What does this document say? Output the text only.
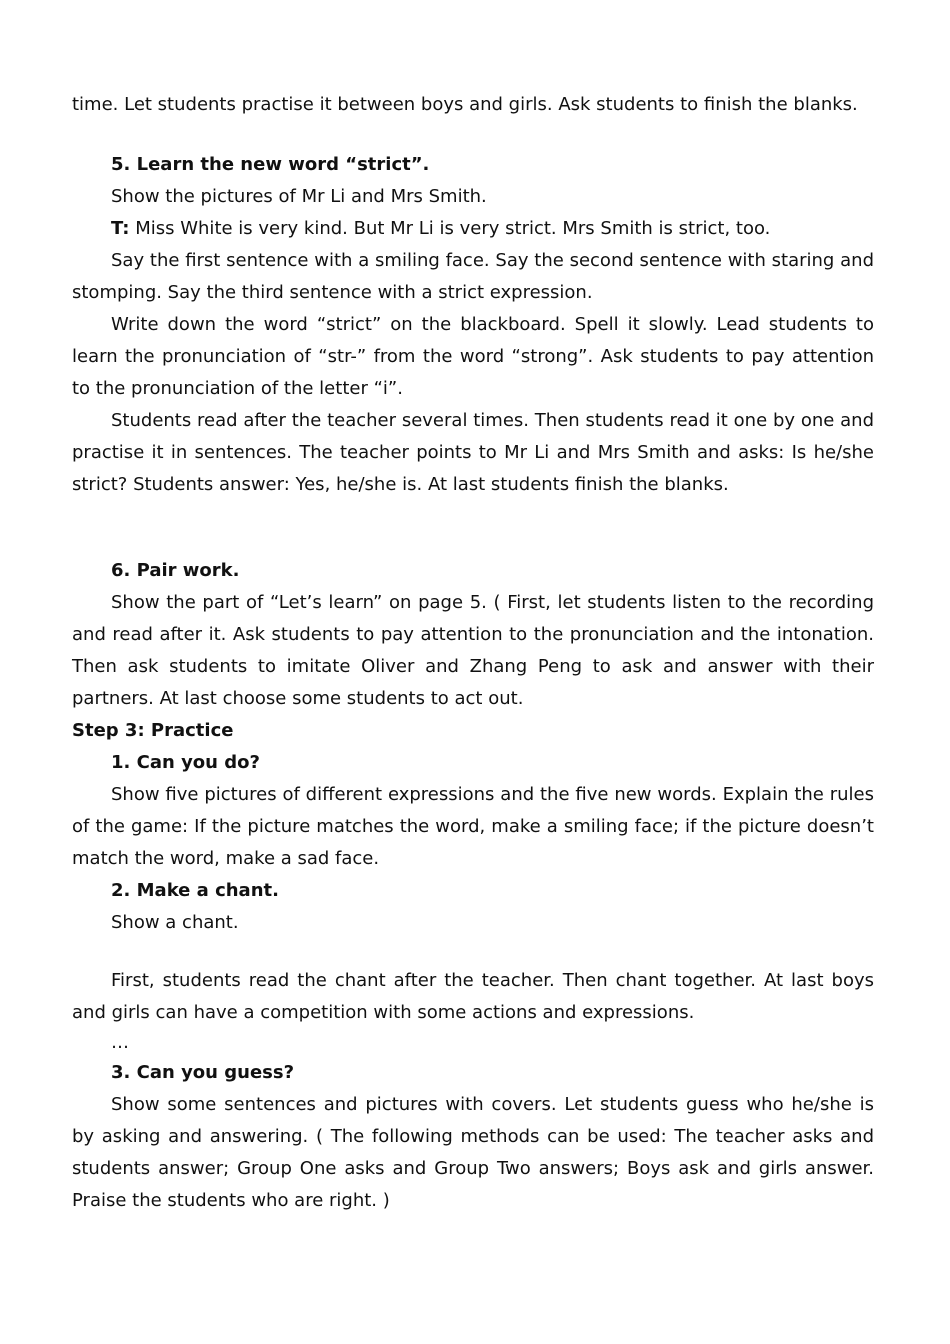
time. Let students practise it between boys and girls. Ask students to finish the blanks.

5. Learn the new word “strict”.

Show the pictures of Mr Li and Mrs Smith.

T: Miss White is very kind. But Mr Li is very strict. Mrs Smith is strict, too.

Say the first sentence with a smiling face. Say the second sentence with staring and stomping. Say the third sentence with a strict expression.

Write down the word “strict” on the blackboard. Spell it slowly. Lead students to learn the pronunciation of “str-” from the word “strong”. Ask students to pay attention to the pronunciation of the letter “i”.

Students read after the teacher several times. Then students read it one by one and practise it in sentences. The teacher points to Mr Li and Mrs Smith and asks: Is he/she strict? Students answer: Yes, he/she is. At last students finish the blanks.

6. Pair work.

Show the part of “Let’s learn” on page 5. ( First, let students listen to the recording and read after it. Ask students to pay attention to the pronunciation and the intonation. Then ask students to imitate Oliver and Zhang Peng to ask and answer with their partners. At last choose some students to act out.

Step 3: Practice

1. Can you do?

Show five pictures of different expressions and the five new words. Explain the rules of the game: If the picture matches the word, make a smiling face; if the picture doesn’t match the word, make a sad face.

2. Make a chant.

Show a chant.

First, students read the chant after the teacher. Then chant together. At last boys and girls can have a competition with some actions and expressions.

…

3. Can you guess?

Show some sentences and pictures with covers. Let students guess who he/she is by asking and answering. ( The following methods can be used: The teacher asks and students answer; Group One asks and Group Two answers; Boys ask and girls answer. Praise the students who are right. )
